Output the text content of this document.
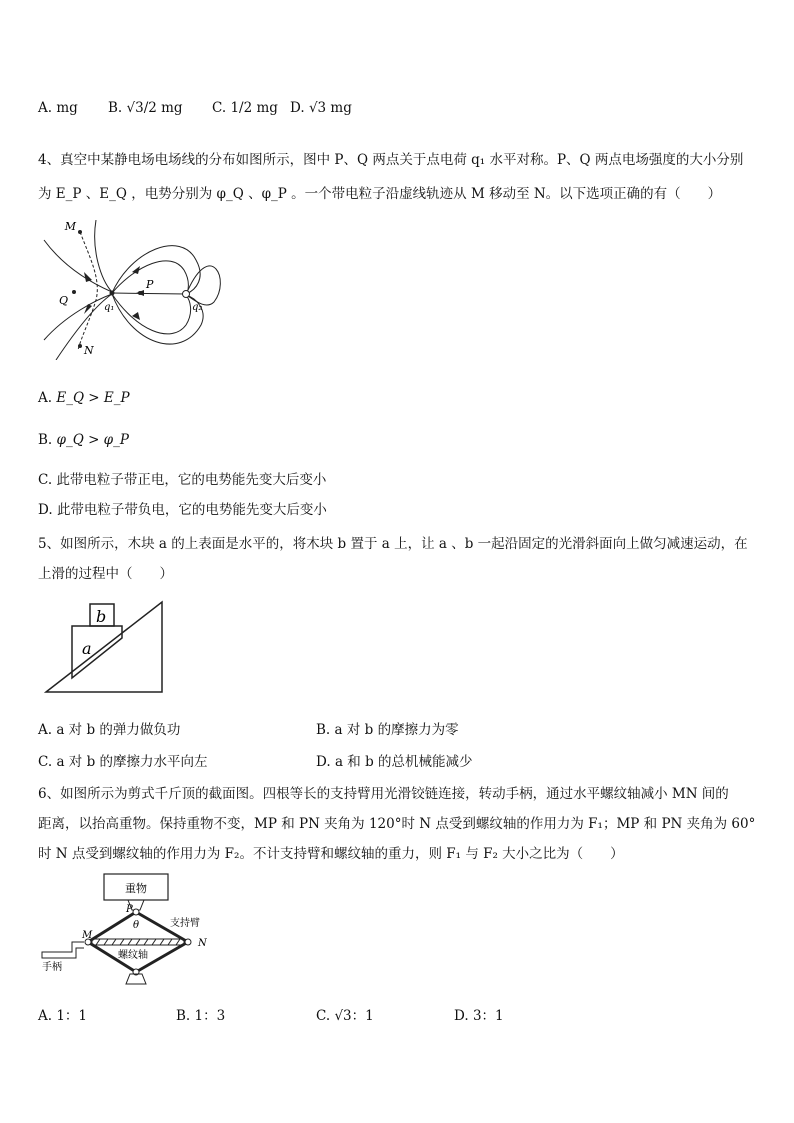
A. mg B. √3/2 mg C. 1/2 mg D. √3 mg
4、真空中某静电场电场线的分布如图所示，图中 P、Q 两点关于点电荷 q₁ 水平对称。P、Q 两点电场强度的大小分别
为 E_P 、E_Q ，电势分别为 φ_Q 、φ_P 。一个带电粒子沿虚线轨迹从 M 移动至 N。以下选项正确的有（　　）
M
Q
P
N
q₁	q₂
A. E_Q > E_P
B. φ_Q > φ_P
C. 此带电粒子带正电，它的电势能先变大后变小
D. 此带电粒子带负电，它的电势能先变大后变小
5、如图所示，木块 a 的上表面是水平的，将木块 b 置于 a 上，让 a 、b 一起沿固定的光滑斜面向上做匀减速运动，在
上滑的过程中（　　）
b
a
A. a 对 b 的弹力做负功	B. a 对 b 的摩擦力为零
C. a 对 b 的摩擦力水平向左	D. a 和 b 的总机械能减少
6、如图所示为剪式千斤顶的截面图。四根等长的支持臂用光滑铰链连接，转动手柄，通过水平螺纹轴减小 MN 间的
距离，以抬高重物。保持重物不变，MP 和 PN 夹角为 120°时 N 点受到螺纹轴的作用力为 F₁；MP 和 PN 夹角为 60°
时 N 点受到螺纹轴的作用力为 F₂。不计支持臂和螺纹轴的重力，则 F₁ 与 F₂ 大小之比为（　　）
重物
P
θ	支持臂
M
N
螺纹轴
手柄
A. 1：1	B. 1：3	C. √3：1	D. 3：1
